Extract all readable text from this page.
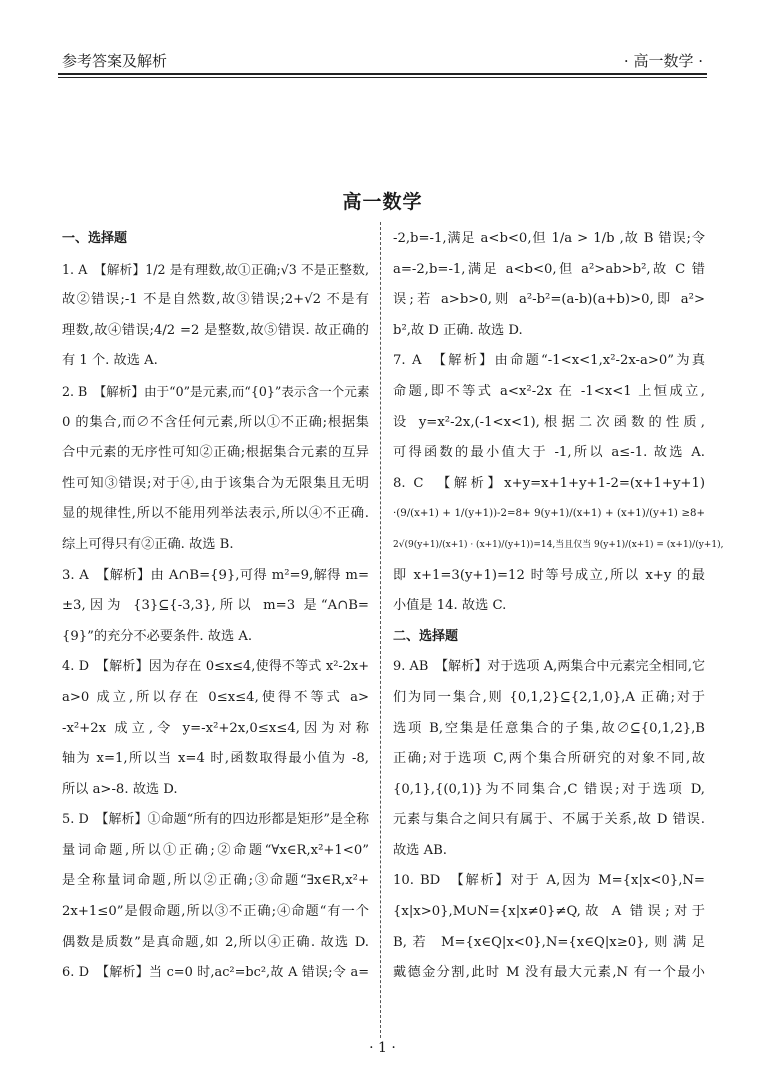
参考答案及解析	· 高一数学 ·
高一数学
一、选择题
1. A　【解析】1/2 是有理数,故①正确;√3 不是正整数,
故②错误;-1 不是自然数,故③错误;2+√2 不是有
理数,故④错误;4/2 =2 是整数,故⑤错误. 故正确的
有 1 个. 故选 A.
2. B　【解析】由于“0”是元素,而“{0}”表示含一个元素
0 的集合,而∅不含任何元素,所以①不正确;根据集
合中元素的无序性可知②正确;根据集合元素的互异
性可知③错误;对于④,由于该集合为无限集且无明
显的规律性,所以不能用列举法表示,所以④不正确.
综上可得只有②正确. 故选 B.
3. A　【解析】由 A∩B={9},可得 m²=9,解得 m=
±3,因为 {3}⊆{-3,3},所以 m=3 是“A∩B=
{9}”的充分不必要条件. 故选 A.
4. D　【解析】因为存在 0≤x≤4,使得不等式 x²-2x+
a>0 成立,所以存在 0≤x≤4,使得不等式 a>
-x²+2x 成立,令 y=-x²+2x,0≤x≤4,因为对称
轴为 x=1,所以当 x=4 时,函数取得最小值为 -8,
所以 a>-8. 故选 D.
5. D　【解析】①命题“所有的四边形都是矩形”是全称
量词命题,所以①正确;②命题“∀x∈R,x²+1<0”
是全称量词命题,所以②正确;③命题“∃x∈R,x²+
2x+1≤0”是假命题,所以③不正确;④命题“有一个
偶数是质数”是真命题,如 2,所以④正确. 故选 D.
6. D　【解析】当 c=0 时,ac²=bc²,故 A 错误;令 a=
-2,b=-1,满足 a<b<0,但 1/a > 1/b ,故 B 错误;令
a=-2,b=-1,满足 a<b<0,但 a²>ab>b²,故 C 错
误;若 a>b>0,则 a²-b²=(a-b)(a+b)>0,即 a²>
b²,故 D 正确. 故选 D.
7. A　【解析】由命题“-1<x<1,x²-2x-a>0”为真
命题,即不等式 a<x²-2x 在 -1<x<1 上恒成立,
设 y=x²-2x,(-1<x<1),根据二次函数的性质,
可得函数的最小值大于 -1,所以 a≤-1. 故选 A.
8. C　【解析】x+y=x+1+y+1-2=(x+1+y+1)
·(9/(x+1) + 1/(y+1))-2=8+ 9(y+1)/(x+1) + (x+1)/(y+1) ≥8+
2√(9(y+1)/(x+1) · (x+1)/(y+1))=14,当且仅当 9(y+1)/(x+1) = (x+1)/(y+1),
即 x+1=3(y+1)=12 时等号成立,所以 x+y 的最
小值是 14. 故选 C.
二、选择题
9. AB　【解析】对于选项 A,两集合中元素完全相同,它
们为同一集合,则 {0,1,2}⊆{2,1,0},A 正确;对于
选项 B,空集是任意集合的子集,故∅⊆{0,1,2},B
正确;对于选项 C,两个集合所研究的对象不同,故
{0,1},{(0,1)}为不同集合,C 错误;对于选项 D,
元素与集合之间只有属于、不属于关系,故 D 错误.
故选 AB.
10. BD　【解析】对于 A,因为 M={x|x<0},N=
{x|x>0},M∪N={x|x≠0}≠Q,故 A 错误;对于
B,若 M={x∈Q|x<0},N={x∈Q|x≥0},则满足
戴德金分割,此时 M 没有最大元素,N 有一个最小
· 1 ·
